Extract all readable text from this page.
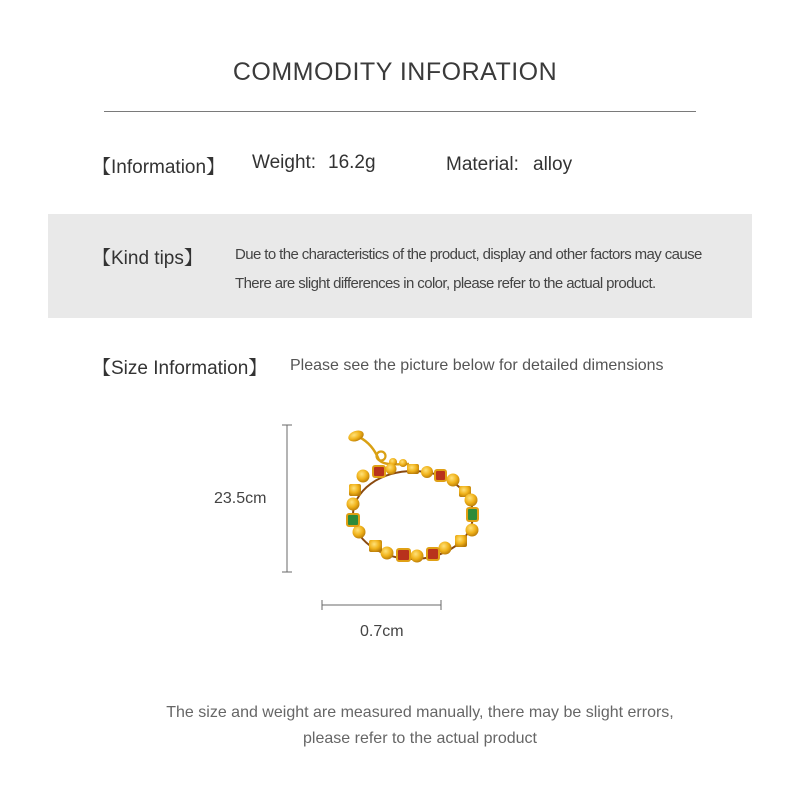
COMMODITY INFORATION
【Information】 Weight: 16.2g	Material: alloy
【Kind tips】 Due to the characteristics of the product, display and other factors may cause
There are slight differences in color, please refer to the actual product.
【Size Information】 Please see the picture below for detailed dimensions
23.5cm
0.7cm
The size and weight are measured manually, there may be slight errors,
please refer to the actual product
